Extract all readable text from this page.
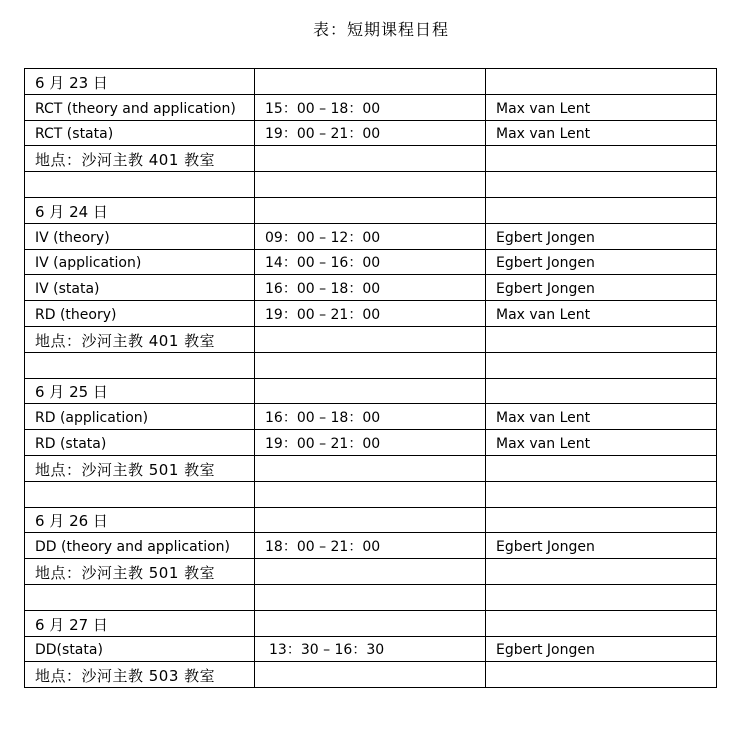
表：短期课程日程
6 月 23 日		
RCT (theory and application)	15：00 – 18：00	Max van Lent
RCT (stata)	19：00 – 21：00	Max van Lent
地点：沙河主教 401 教室		

6 月 24 日		
IV (theory)	09：00 – 12：00	Egbert Jongen
IV (application)	14：00 – 16：00	Egbert Jongen
IV (stata)	16：00 – 18：00	Egbert Jongen
RD (theory)	19：00 – 21：00	Max van Lent
地点：沙河主教 401 教室		

6 月 25 日		
RD (application)	16：00 – 18：00	Max van Lent
RD (stata)	19：00 – 21：00	Max van Lent
地点：沙河主教 501 教室		

6 月 26 日		
DD (theory and application)	18：00 – 21：00	Egbert Jongen
地点：沙河主教 501 教室		

6 月 27 日		
DD(stata)	13：30 – 16：30	Egbert Jongen
地点：沙河主教 503 教室		
